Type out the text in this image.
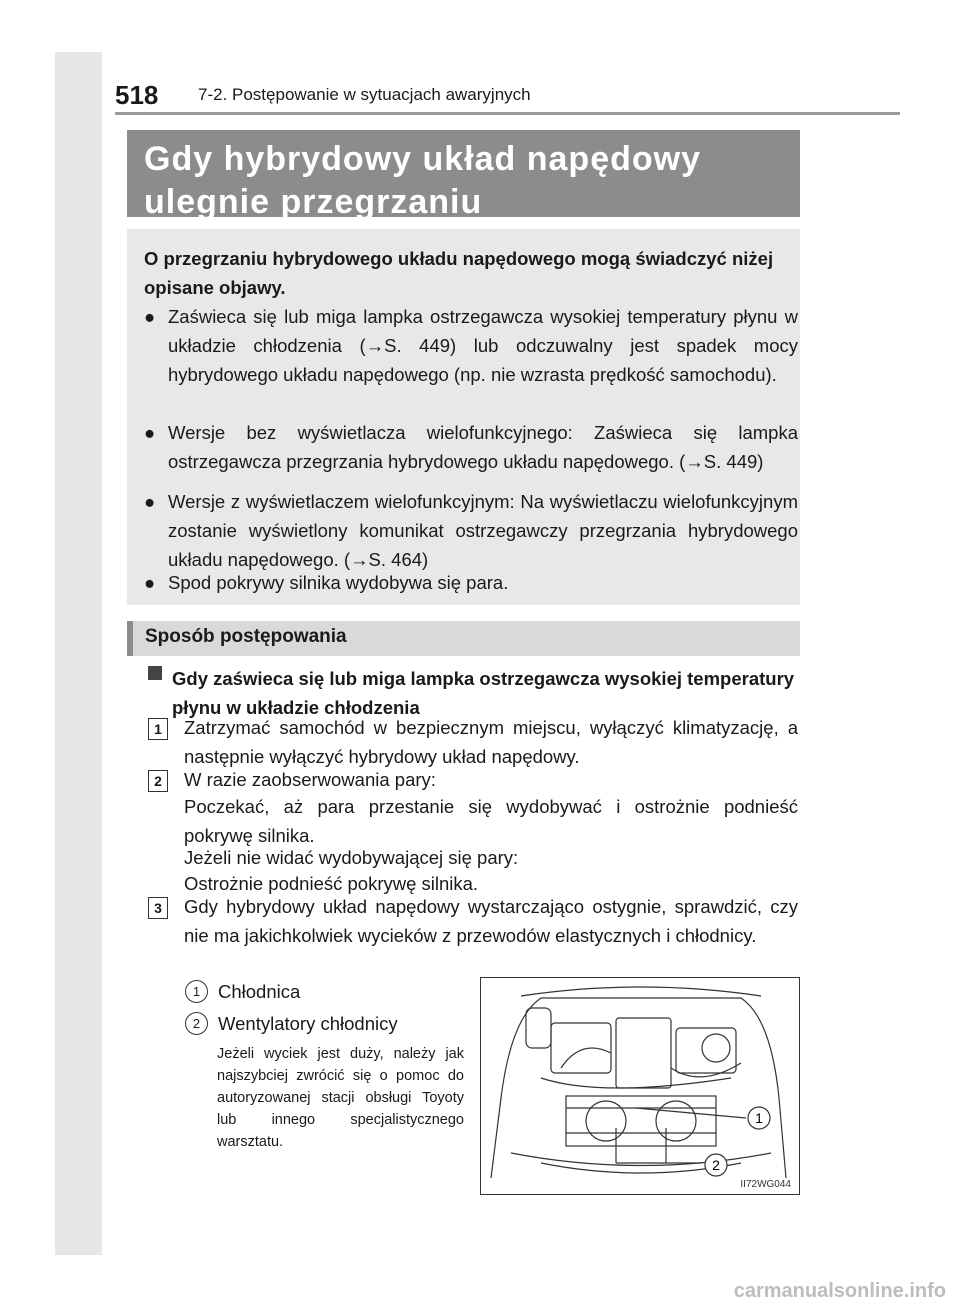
518 7-2. Postępowanie w sytuacjach awaryjnych

Gdy hybrydowy układ napędowy ulegnie przegrzaniu

O przegrzaniu hybrydowego układu napędowego mogą świadczyć niżej opisane objawy.

● Zaświeca się lub miga lampka ostrzegawcza wysokiej temperatury płynu w układzie chłodzenia (→S. 449) lub odczuwalny jest spadek mocy hybrydowego układu napędowego (np. nie wzrasta prędkość samochodu).

● Wersje bez wyświetlacza wielofunkcyjnego: Zaświeca się lampka ostrzegawcza przegrzania hybrydowego układu napędowego. (→S. 449)

● Wersje z wyświetlaczem wielofunkcyjnym: Na wyświetlaczu wielofunkcyjnym zostanie wyświetlony komunikat ostrzegawczy przegrzania hybrydowego układu napędowego. (→S. 464)

● Spod pokrywy silnika wydobywa się para.

Sposób postępowania
Gdy zaświeca się lub miga lampka ostrzegawcza wysokiej temperatury płynu w układzie chłodzenia
1	Zatrzymać samochód w bezpiecznym miejscu, wyłączyć klimatyzację, a następnie wyłączyć hybrydowy układ napędowy.

2	W razie zaobserwowania pary:

Poczekać, aż para przestanie się wydobywać i ostrożnie podnieść pokrywę silnika.

Jeżeli nie widać wydobywającej się pary:

Ostrożnie podnieść pokrywę silnika.

3	Gdy hybrydowy układ napędowy wystarczająco ostygnie, sprawdzić, czy nie ma jakichkolwiek wycieków z przewodów elastycznych i chłodnicy.

1 Chłodnica
2 Wentylatory chłodnicy

Jeżeli wyciek jest duży, należy jak najszybciej zwrócić się o pomoc do autoryzowanej stacji obsługi Toyoty lub innego specjalistycznego warsztatu.

1
2
II72WG044
carmanualsonline.info
